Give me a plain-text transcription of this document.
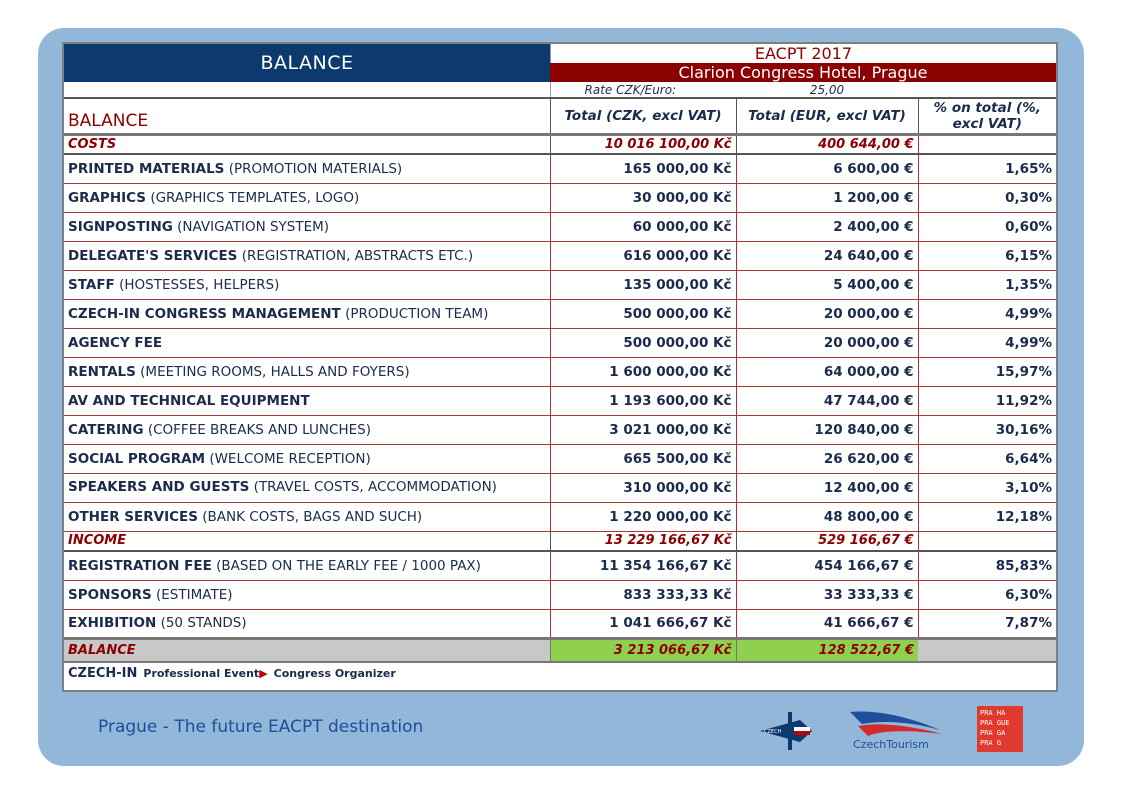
BALANCE	EACPT 2017
Clarion Congress Hotel, Prague
	Rate CZK/Euro:	25,00	
BALANCE	Total (CZK, excl VAT)	Total (EUR, excl VAT)	% on total (%, excl VAT)
COSTS	10 016 100,00 Kč	400 644,00 €	
PRINTED MATERIALS (PROMOTION MATERIALS)	165 000,00 Kč	6 600,00 €	1,65%
GRAPHICS (GRAPHICS TEMPLATES, LOGO)	30 000,00 Kč	1 200,00 €	0,30%
SIGNPOSTING (NAVIGATION SYSTEM)	60 000,00 Kč	2 400,00 €	0,60%
DELEGATE'S SERVICES (REGISTRATION, ABSTRACTS ETC.)	616 000,00 Kč	24 640,00 €	6,15%
STAFF (HOSTESSES, HELPERS)	135 000,00 Kč	5 400,00 €	1,35%
CZECH-IN CONGRESS MANAGEMENT (PRODUCTION TEAM)	500 000,00 Kč	20 000,00 €	4,99%
AGENCY FEE	500 000,00 Kč	20 000,00 €	4,99%
RENTALS (MEETING ROOMS, HALLS AND FOYERS)	1 600 000,00 Kč	64 000,00 €	15,97%
AV AND TECHNICAL EQUIPMENT	1 193 600,00 Kč	47 744,00 €	11,92%
CATERING (COFFEE BREAKS AND LUNCHES)	3 021 000,00 Kč	120 840,00 €	30,16%
SOCIAL PROGRAM (WELCOME RECEPTION)	665 500,00 Kč	26 620,00 €	6,64%
SPEAKERS AND GUESTS (TRAVEL COSTS, ACCOMMODATION)	310 000,00 Kč	12 400,00 €	3,10%
OTHER SERVICES (BANK COSTS, BAGS AND SUCH)	1 220 000,00 Kč	48 800,00 €	12,18%
INCOME	13 229 166,67 Kč	529 166,67 €	
REGISTRATION FEE (BASED ON THE EARLY FEE / 1000 PAX)	11 354 166,67 Kč	454 166,67 €	85,83%
SPONSORS (ESTIMATE)	833 333,33 Kč	33 333,33 €	6,30%
EXHIBITION (50 STANDS)	1 041 666,67 Kč	41 666,67 €	7,87%
BALANCE	3 213 066,67 Kč	128 522,67 €	
CZECH-IN Professional Event▶ Congress Organizer			
Prague - The future EACPT destination	CZECH
CzechTourism
PRA HA
PRA GUE
PRA GA
PRA G
